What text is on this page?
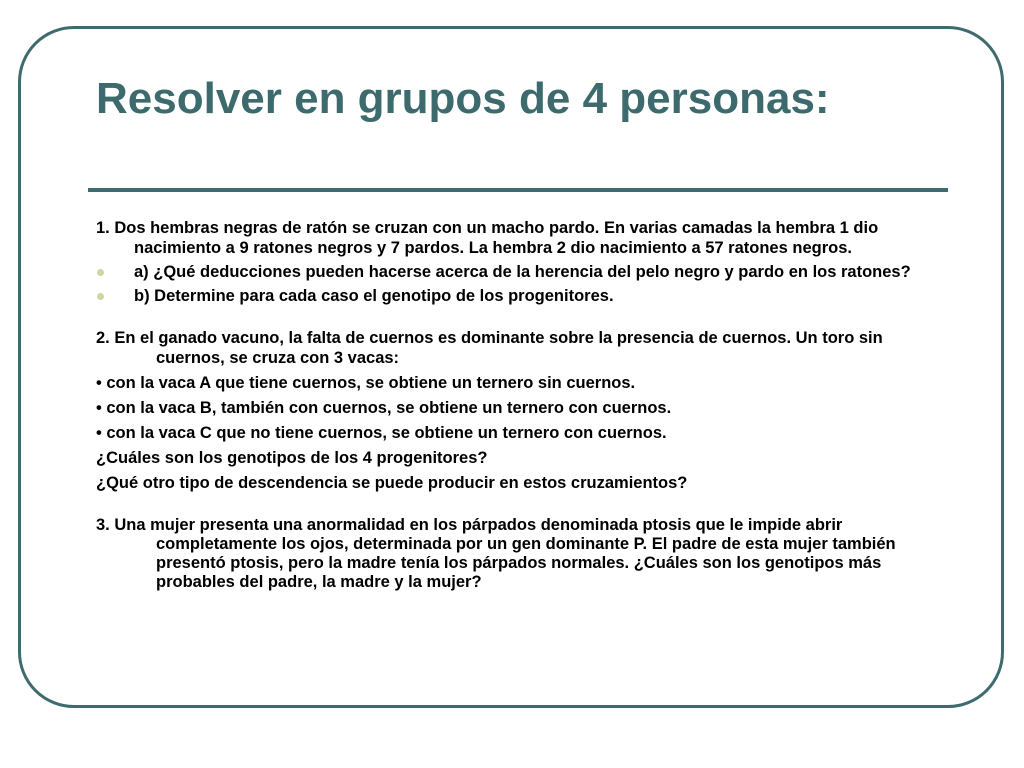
Resolver en grupos de 4 personas:

1. Dos hembras negras de ratón se cruzan con un macho pardo. En varias camadas la hembra 1 dio nacimiento a 9 ratones negros y 7 pardos. La hembra 2 dio nacimiento a 57 ratones negros.

a) ¿Qué deducciones pueden hacerse acerca de la herencia del pelo negro y pardo en los ratones?
b) Determine para cada caso el genotipo de los progenitores.

2. En el ganado vacuno, la falta de cuernos es dominante sobre la presencia de cuernos. Un toro sin cuernos, se cruza con 3 vacas:

• con la vaca A que tiene cuernos, se obtiene un ternero sin cuernos.

• con la vaca B, también con cuernos, se obtiene un ternero con cuernos.

• con la vaca C que no tiene cuernos, se obtiene un ternero con cuernos.

¿Cuáles son los genotipos de los 4 progenitores?

¿Qué otro tipo de descendencia se puede producir en estos cruzamientos?

3. Una mujer presenta una anormalidad en los párpados denominada ptosis que le impide abrir completamente los ojos, determinada por un gen dominante P. El padre de esta mujer también presentó ptosis, pero la madre tenía los párpados normales. ¿Cuáles son los genotipos más probables del padre, la madre y la mujer?
